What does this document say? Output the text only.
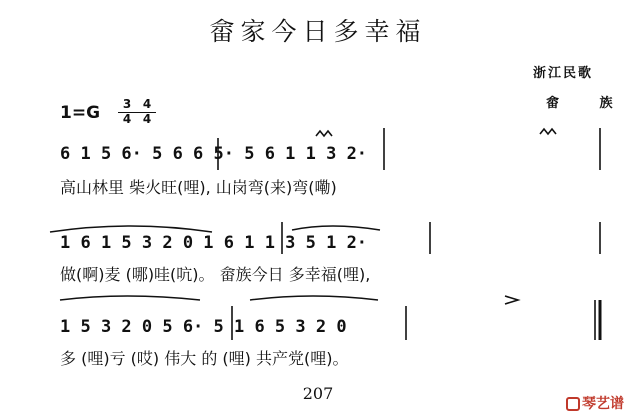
畲家今日多幸福
浙江民歌
畲 族
1=G	3 4
4 4
6 1 5 6· 5 6 6 5· 5 6 1 1 3 2·
高山林里 柴火旺(哩), 山岗弯(来)弯(嘞)
1 6 1 5 3 2 0 1 6 1 1 3 5 1 2·
做(啊)麦 (哪)哇(吭)。 畲族今日 多幸福(哩),
1 5 3 2 0 5 6· 5 1 6 5 3 2 0
多 (哩)亏 (哎) 伟大 的 (哩) 共产党(哩)。
207
琴艺谱
